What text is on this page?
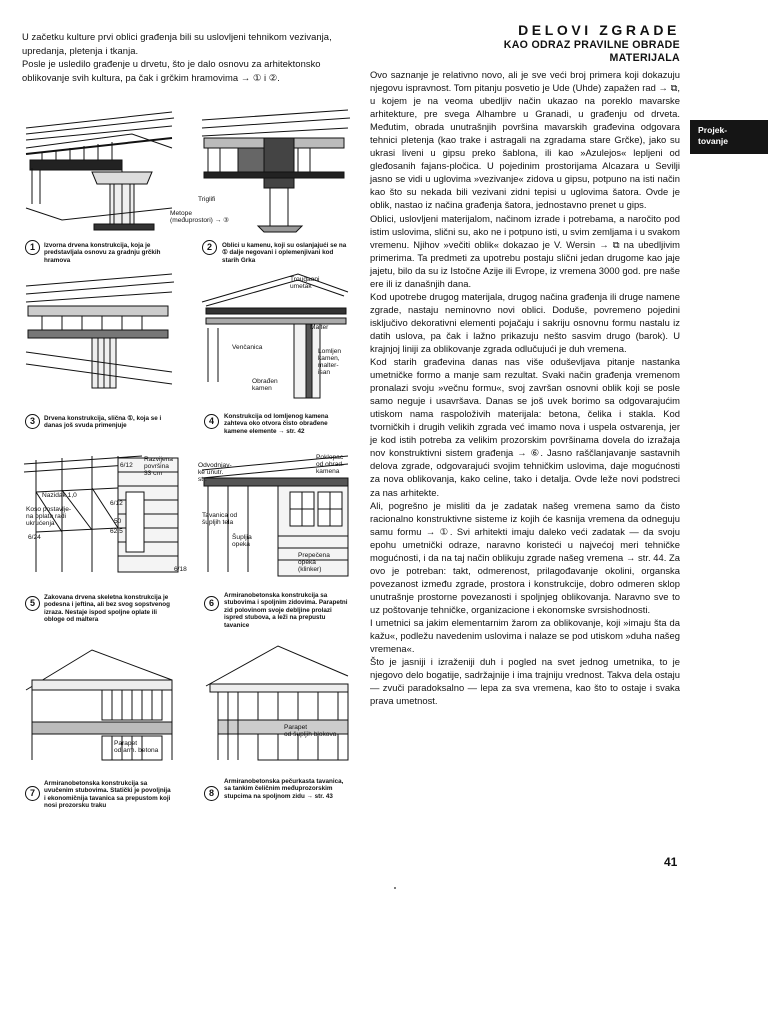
U začetku kulture prvi oblici građenja bili su uslovljeni tehnikom vezivanja, upredanja, pletenja i tkanja.

Posle je usledilo građenje u drvetu, što je dalo osnovu za arhitektonsko oblikovanje svih kultura, pa čak i grčkim hramovima → ① i ②.

1	Izvorna drvena konstrukcija, koja je predstavljala osnovu za gradnju grčkih hramova
Triglifi
Metope
(međuprostori) → ③
2	Oblici u kamenu, koji su oslanjajući se na ① dalje negovani i oplemenjivani kod starih Grka
3	Drvena konstrukcija, slična ①, koja se i danas još svuda primenjuje
Trougaoni
umetak
Malter
Venčanica
Lomljen
kamen,
malter-
isan
Obrađen
kamen
4	Konstrukcija od lomljenog kamena zahteva oko otvora čisto obrađene kamene elemente → str. 42
6/12
Razvijena
površina
33 cm
Nazidak 1,0
Koso postavlje-
na oplata radi
ukrućenja
6/12
50
62,5
6/24
6/18
5
Zakovana drvena skeletna konstrukcija je podesna i jeftina, ali bez svog sopstvenog izraza. Nestaje ispod spoljne oplate ili obloge od maltera
Odvodnjav-
ke unutr.
str.
Poklopac
od obrad.
kamena
Tavanica od
šupljih tela
Šupljia
opeka
Prepečena
opeka
(klinker)
6
Armiranobetonska konstrukcija sa stubovima i spoljnim zidovima. Parapetni zid polovinom svoje debljine prolazi ispred stubova, a leži na prepustu tavanice
Parapet
od arm. betona
7
Armiranobetonska konstrukcija sa uvučenim stubovima. Statički je povoljnija i ekonomičnija tavanica sa prepustom koji nosi prozorsku traku
Parapet
od šupljih blokova
8
Armiranobetonska pečurkasta tavanica, sa tankim čeličnim međuprozorskim stupcima na spoljnom zidu → str. 43
DELOVI ZGRADE
KAO ODRAZ PRAVILNE OBRADE
MATERIJALA

Ovo saznanje je relativno novo, ali je sve veći broj primera koji dokazuju njegovu ispravnost. Tom pitanju posvetio je Ude (Uhde) zapažen rad → ⧉, u kojem je na veoma ubedljiv način ukazao na poreklo mavarske arhitekture, pre svega Alhambre u Granadi, u građenju od drveta. Međutim, obrada unutrašnjih površina mavarskih građevina odgovara tehnici pletenja (kao trake i astragali na zgradama stare Grčke), jako su ukrasi liveni u gipsu preko šablona, ili kao »Azulejos« lepljeni od gleđosanih fajans-pločica. U pojedinim prostorijama Alcazara u Sevilji jasno se vidi u uglovima »vezivanje« zidova u gipsu, potpuno na isti način kao što su nekada bili vezivani zidni tepisi u uglovima šatora. Ovde je oblik, nastao iz načina građenja šatora, jednostavno prenet u gips.

Oblici, uslovljeni materijalom, načinom izrade i potrebama, a naročito pod istim uslovima, slični su, ako ne i potpuno isti, u svim zemljama i u svakom vremenu. Njihov »večiti oblik« dokazao je V. Wersin → ⧉ na ubedljivim primerima. Ta predmeti za upotrebu postaju slični jedan drugome kao jaje jajetu, bilo da su iz Istočne Azije ili Evrope, iz vremena 3000 god. pre naše ere ili iz današnjih dana.

Kod upotrebe drugog materijala, drugog načina građenja ili druge namene zgrade, nastaju neminovno novi oblici. Doduše, povremeno pojedini isključivo dekorativni elementi pojačaju i sakriju osnovnu formu nastalu iz datih uslova, pa čak i lažno prikazuju nešto sasvim drugo (barok). U krajnjoj liniji za oblikovanje zgrada odlučujući je duh vremena.

Kod starih građevina danas nas više oduševljava pitanje nastanka umetničke formo a manje sam rezultat. Svaki način građenja vremenom pronalazi svoju »večnu formu«, svoj završan osnovni oblik koji se posle samo neguje i usavršava. Danas se još uvek borimo sa odgovarajućim utiskom nama raspoloživih materijala: betona, čelika i stakla. Kod tvorničkih i drugih velikih zgrada već imamo nova i uspela ostvarenja, jer je kod istih potreba za velikim prozorskim površinama dovela do izražaja nov konstruktivni sistem građenja → ⑥. Jasno raščlanjavanje sastavnih delova zgrade, odgovarajući svojim tehničkim uslovima, daje mogućnosti za nova oblikovanja, kako celine, tako i detalja. Ovde leže novi podstreci za nas arhitekte.

Ali, pogrešno je misliti da je zadatak našeg vremena samo da čisto racionalno konstruktivne sisteme iz kojih će kasnija vremena da odneguju samu formu → ①. Svi arhitekti imaju daleko veći zadatak — da svoju epohu umetnički odraze, naravno koristeći u najvećoj meri tehničke mogućnosti, i da na taj način oblikuju zgrade našeg vremena → str. 44. Za ovo je potreban: takt, odmerenost, prilagođavanje okolini, organska povezanost između zgrade, prostora i konstrukcije, dobro odmeren sklop unutrašnje prostorne povezanosti i spoljnjeg oblikovanja. Naravno sve to uz poštovanje tehničke, organizacione i ekonomske svrsishodnosti.

I umetnici sa jakim elementarnim žarom za oblikovanje, koji »imaju šta da kažu«, podležu navedenim uslovima i nalaze se pod utiskom »duha našeg vremena«.

Što je jasniji i izraženiji duh i pogled na svet jednog umetnika, to je njegovo delo bogatije, sadržajnije i ima trajniju vrednost. Takva dela ostaju — zvuči paradoksalno — lepa za sva vremena, kao što to ostaje i svaka prava umetnost.

Projek-
tovanje
41
